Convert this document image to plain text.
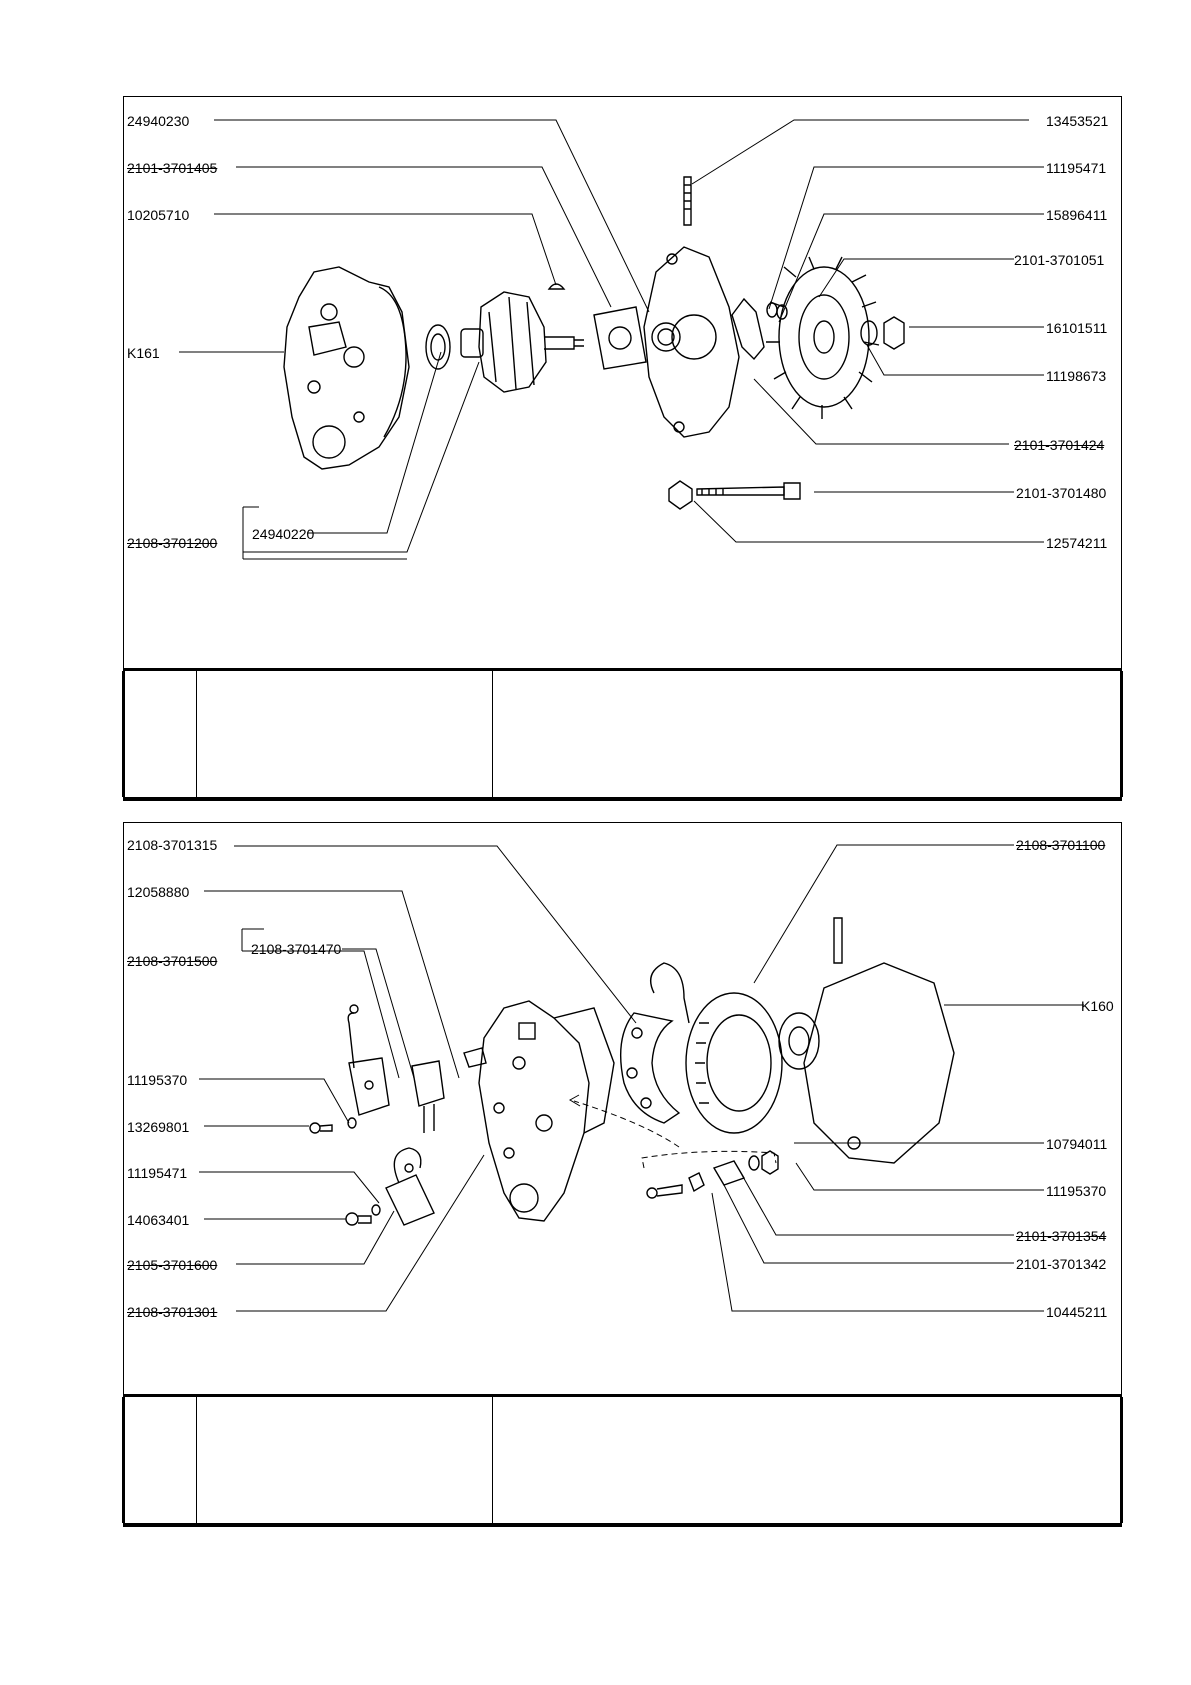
24940230
2101-3701405
10205710
K161
2108-3701200
24940220
13453521
11195471
15896411
2101-3701051
16101511
11198673
2101-3701424
2101-3701480
12574211
2108-3701315
12058880
2108-3701500
2108-3701470
11195370
13269801
11195471
14063401
2105-3701600
2108-3701301
2108-3701100
K160
10794011
11195370
2101-3701354
2101-3701342
10445211
